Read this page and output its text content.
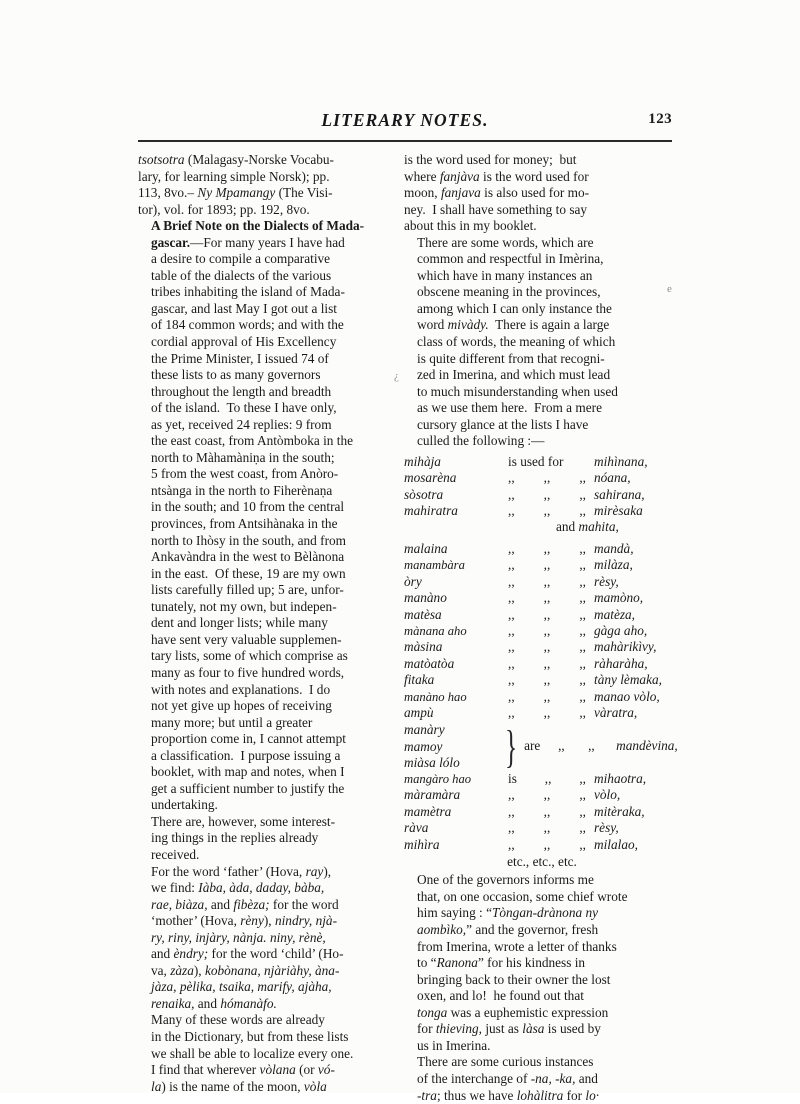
LITERARY NOTES.	123
¿
e

tsotsotra (Malagasy-Norske Vocabu-
lary, for learning simple Norsk); pp.
113, 8vo.– Ny Mpamangy (The Visi-
tor), vol. for 1893; pp. 192, 8vo.

A Brief Note on the Dialects of Mada-
gascar.—For many years I have had
a desire to compile a comparative
table of the dialects of the various
tribes inhabiting the island of Mada-
gascar, and last May I got out a list
of 184 common words; and with the
cordial approval of His Excellency
the Prime Minister, I issued 74 of
these lists to as many governors
throughout the length and breadth
of the island.  To these I have only,
as yet, received 24 replies: 9 from
the east coast, from Antòmboka in the
north to Màhamàniṇa in the south;
5 from the west coast, from Anòro-
ntsànga in the north to Fiherènaṇa
in the south; and 10 from the central
provinces, from Antsihànaka in the
north to Ihòsy in the south, and from
Ankavàndra in the west to Bèlànona
in the east.  Of these, 19 are my own
lists carefully filled up; 5 are, unfor-
tunately, not my own, but indepen-
dent and longer lists; while many
have sent very valuable supplemen-
tary lists, some of which comprise as
many as four to five hundred words,
with notes and explanations.  I do
not yet give up hopes of receiving
many more; but until a greater
proportion come in, I cannot attempt
a classification.  I purpose issuing a
booklet, with map and notes, when I
get a sufficient number to justify the
undertaking.

There are, however, some interest-
ing things in the replies already
received.

For the word ‘father’ (Hova, ray),
we find: Iàba, àda, daday, bàba,
rae, biàza, and fibèza; for the word
‘mother’ (Hova, rèny), nindry, njà-
ry, riny, injàry, nànja. niny, rènè,
and èndry; for the word ‘child’ (Ho-
va, zàza), kobònana, njàriàhy, àna-
jàza, pèlika, tsaika, marify, ajàha,
renaika, and hómanàfo.

Many of these words are already
in the Dictionary, but from these lists
we shall be able to localize every one.

I find that wherever vòlana (or vó-
la) is the name of the moon, vòla

is the word used for money;  but
where fanjàva is the word used for
moon, fanjava is also used for mo-
ney.  I shall have something to say
about this in my booklet.

There are some words, which are
common and respectful in Imèrina,
which have in many instances an
obscene meaning in the provinces,
among which I can only instance the
word mivàdy.  There is again a large
class of words, the meaning of which
is quite different from that recogni-
zed in Imerina, and which must lead
to much misunderstanding when used
as we use them here.  From a mere
cursory glance at the lists I have
culled the following :—

mihàja	is used for	mihìnana,
mosarèna	,, ,, ,, nóana,
sòsotra	,, ,, ,, sahirana,
mahiratra	,, ,, ,, mirèsaka
and mahita,
malaina	,, ,, ,, mandà,
manambàra	,, ,, ,, milàza,
òry	,, ,, ,, rèsy,
manàno	,, ,, ,, mamòno,
matèsa	,, ,, ,, matèza,
mànana aho	,, ,, ,, gàga aho,
màsina	,, ,, ,, mahàrikìvy,
matòatòa	,, ,, ,, ràharàha,
fitaka	,, ,, ,, tàny lèmaka,
manàno hao	,, ,, ,, manao vòlo,
ampù	,, ,, ,, vàratra,
manàry
mamoy
miàsa lólo } are	,,	,,	mandèvina,
mangàro hao	is ,, ,, mihaotra,
màramàra	,, ,, ,, vòlo,
mamètra	,, ,, ,, mitèraka,
ràva	,, ,, ,, rèsy,
mihìra	,, ,, ,, milalao,
etc., etc., etc.

One of the governors informs me
that, on one occasion, some chief wrote
him saying : “Tòngan-drànona ny
aombìko,” and the governor, fresh
from Imerina, wrote a letter of thanks
to “Ranona” for his kindness in
bringing back to their owner the lost
oxen, and lo!  he found out that
tonga was a euphemistic expression
for thieving, just as làsa is used by
us in Imerina.

There are some curious instances
of the interchange of -na, -ka, and
-tra; thus we have lohàlitra for lo·
